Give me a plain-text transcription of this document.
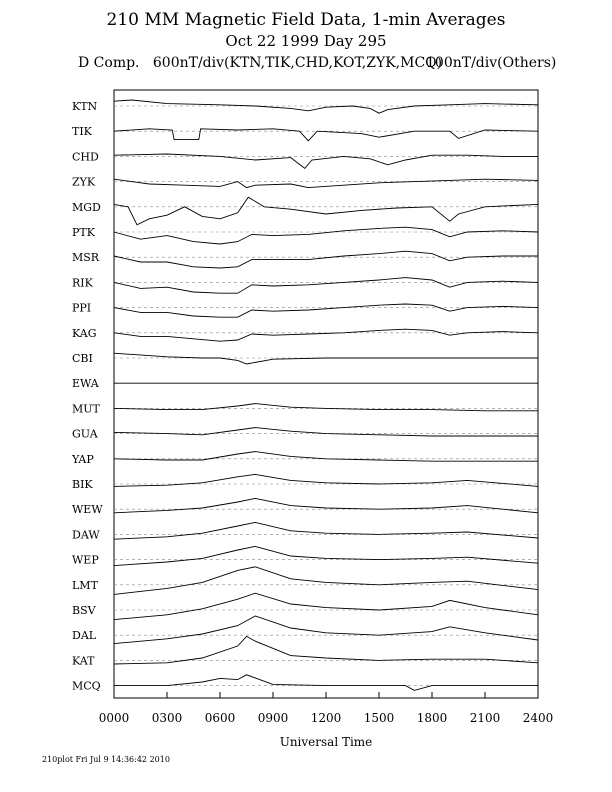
210 MM Magnetic Field Data, 1-min Averages
Oct 22 1999 Day 295
D Comp. 600nT/div(KTN,TIK,CHD,KOT,ZYK,MCQ)
100nT/div(Others)
KTN
TIK
CHD
ZYK
MGD
PTK
MSR
RIK
PPI
KAG
CBI
EWA
MUT
GUA
YAP
BIK
WEW
DAW
WEP
LMT
BSV
DAL
KAT
MCQ
0000 0300 0600 0900 1200 1500 1800 2100 2400
Universal Time
210plot Fri Jul 9 14:36:42 2010
